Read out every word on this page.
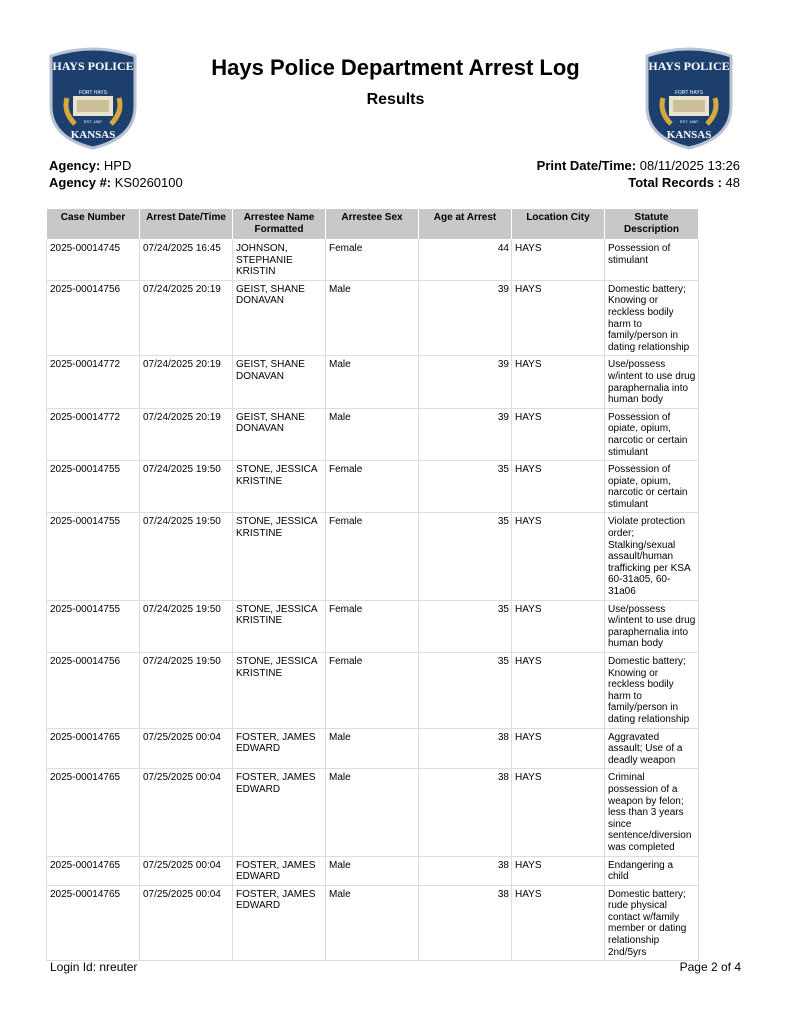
HAYS POLICE
FORT HAYS
EST. 1867
KANSAS
HAYS POLICE
FORT HAYS
EST. 1867
KANSAS
Hays Police Department Arrest Log
Results
Agency: HPD
Agency #: KS0260100
Print Date/Time: 08/11/2025 13:26
Total Records : 48
Case Number	Arrest Date/Time	Arrestee Name Formatted	Arrestee Sex	Age at Arrest	Location City	Statute Description
2025-00014745	07/24/2025 16:45	JOHNSON, STEPHANIE KRISTIN	Female	44	HAYS	Possession of stimulant
2025-00014756	07/24/2025 20:19	GEIST, SHANE DONAVAN	Male	39	HAYS	Domestic battery; Knowing or reckless bodily harm to family/person in dating relationship
2025-00014772	07/24/2025 20:19	GEIST, SHANE DONAVAN	Male	39	HAYS	Use/possess w/intent to use drug paraphernalia into human body
2025-00014772	07/24/2025 20:19	GEIST, SHANE DONAVAN	Male	39	HAYS	Possession of opiate, opium, narcotic or certain stimulant
2025-00014755	07/24/2025 19:50	STONE, JESSICA KRISTINE	Female	35	HAYS	Possession of opiate, opium, narcotic or certain stimulant
2025-00014755	07/24/2025 19:50	STONE, JESSICA KRISTINE	Female	35	HAYS	Violate protection order; Stalking/sexual assault/human trafficking per KSA 60-31a05, 60-31a06
2025-00014755	07/24/2025 19:50	STONE, JESSICA KRISTINE	Female	35	HAYS	Use/possess w/intent to use drug paraphernalia into human body
2025-00014756	07/24/2025 19:50	STONE, JESSICA KRISTINE	Female	35	HAYS	Domestic battery; Knowing or reckless bodily harm to family/person in dating relationship
2025-00014765	07/25/2025 00:04	FOSTER, JAMES EDWARD	Male	38	HAYS	Aggravated assault; Use of a deadly weapon
2025-00014765	07/25/2025 00:04	FOSTER, JAMES EDWARD	Male	38	HAYS	Criminal possession of a weapon by felon; less than 3 years since sentence/diversion was completed
2025-00014765	07/25/2025 00:04	FOSTER, JAMES EDWARD	Male	38	HAYS	Endangering a child
2025-00014765	07/25/2025 00:04	FOSTER, JAMES EDWARD	Male	38	HAYS	Domestic battery; rude physical contact w/family member or dating relationship 2nd/5yrs
Login Id: nreuter	Page 2 of 4
